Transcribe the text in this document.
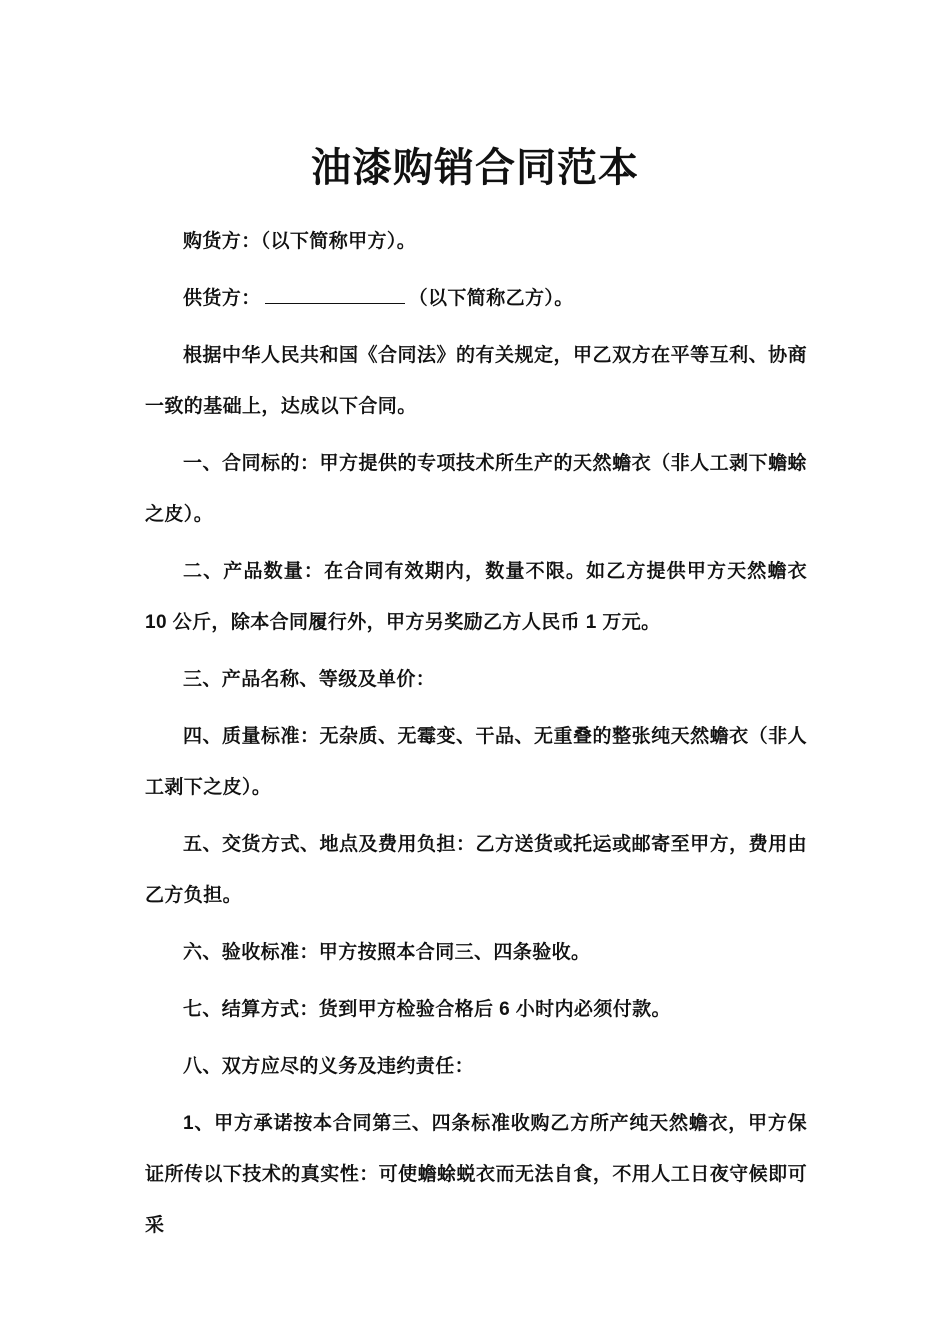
油漆购销合同范本

购货方：（以下简称甲方）。

供货方：	（以下简称乙方）。

根据中华人民共和国《合同法》的有关规定，甲乙双方在平等互利、协商一致的基础上，达成以下合同。

一、合同标的：甲方提供的专项技术所生产的天然蟾衣（非人工剥下蟾蜍之皮）。

二、产品数量：在合同有效期内，数量不限。如乙方提供甲方天然蟾衣 10 公斤，除本合同履行外，甲方另奖励乙方人民币 1 万元。

三、产品名称、等级及单价：

四、质量标准：无杂质、无霉变、干品、无重叠的整张纯天然蟾衣（非人工剥下之皮）。

五、交货方式、地点及费用负担：乙方送货或托运或邮寄至甲方，费用由乙方负担。

六、验收标准：甲方按照本合同三、四条验收。

七、结算方式：货到甲方检验合格后 6 小时内必须付款。

八、双方应尽的义务及违约责任：

1、甲方承诺按本合同第三、四条标准收购乙方所产纯天然蟾衣，甲方保证所传以下技术的真实性：可使蟾蜍蜕衣而无法自食，不用人工日夜守候即可采
